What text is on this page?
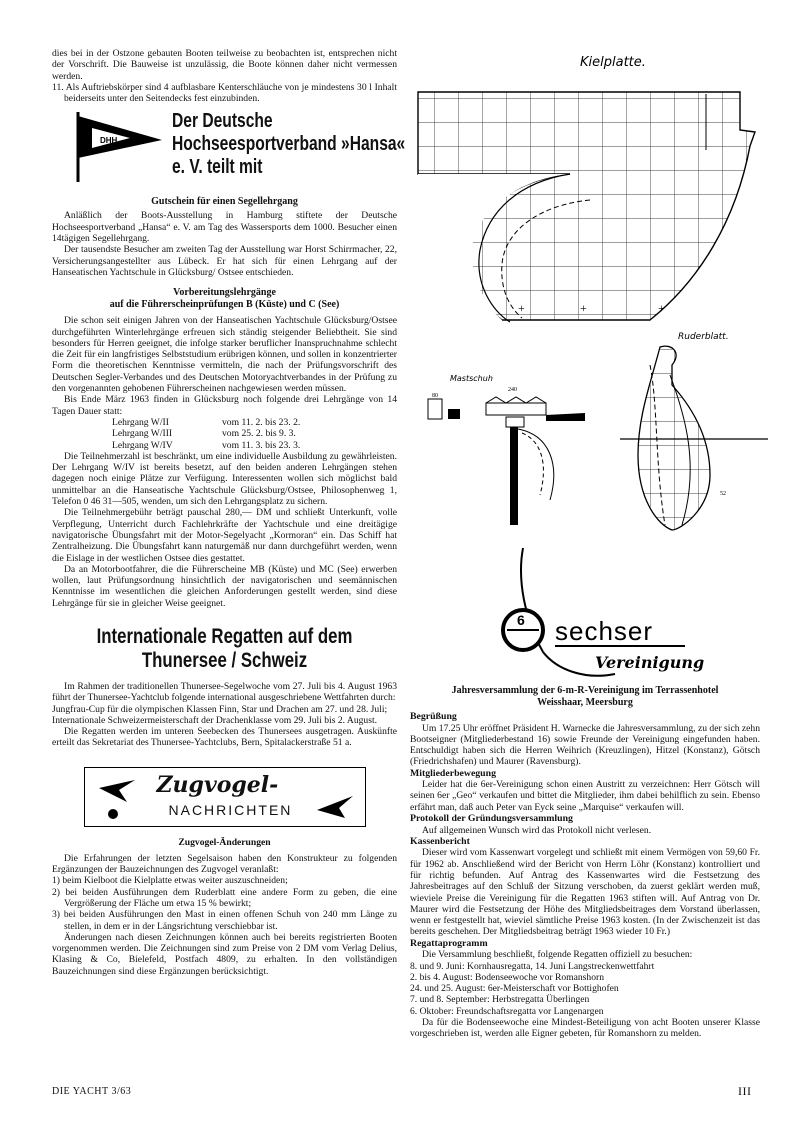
dies bei in der Ostzone gebauten Booten teilweise zu beobachten ist, entsprechen nicht der Vorschrift. Die Bauweise ist unzulässig, die Boote können daher nicht vermessen werden.

11. Als Auftriebskörper sind 4 aufblasbare Kenterschläuche von je mindestens 30 l Inhalt beiderseits unter den Seitendecks fest einzubinden.

DHH
Der Deutsche
Hochseesportverband »Hansa«
e. V. teilt mit

Gutschein für einen Segellehrgang

Anläßlich der Boots-Ausstellung in Hamburg stiftete der Deutsche Hochseesportverband „Hansa“ e. V. am Tag des Wassersports dem 1000. Besucher einen 14tägigen Segellehrgang.

Der tausendste Besucher am zweiten Tag der Ausstellung war Horst Schirrmacher, 22, Versicherungsangestellter aus Lübeck. Er hat sich für einen Lehrgang auf der Hanseatischen Yachtschule in Glücksburg/ Ostsee entschieden.

Vorbereitungslehrgänge

auf die Führerscheinprüfungen B (Küste) und C (See)

Die schon seit einigen Jahren von der Hanseatischen Yachtschule Glücksburg/Ostsee durchgeführten Winterlehrgänge erfreuen sich ständig steigender Beliebtheit. Sie sind besonders für Herren geeignet, die infolge starker beruflicher Inanspruchnahme schlecht die Zeit für ein langfristiges Selbststudium erübrigen können, und sollen in konzentrierter Form die theoretischen Kenntnisse vermitteln, die nach der Prüfungsvorschrift des Deutschen Segler-Verbandes und des Deutschen Motoryachtverbandes in der Prüfung zu den vorgenannten gehobenen Führerscheinen nachgewiesen werden müssen.

Bis Ende März 1963 finden in Glücksburg noch folgende drei Lehrgänge von 14 Tagen Dauer statt:

Lehrgang W/II	vom 11. 2. bis 23. 2.
Lehrgang W/III	vom 25. 2. bis 9. 3.
Lehrgang W/IV	vom 11. 3. bis 23. 3.

Die Teilnehmerzahl ist beschränkt, um eine individuelle Ausbildung zu gewährleisten. Der Lehrgang W/IV ist bereits besetzt, auf den beiden anderen Lehrgängen stehen dagegen noch einige Plätze zur Verfügung. Interessenten wollen sich möglichst bald unmittelbar an die Hanseatische Yachtschule Glücksburg/Ostsee, Philosophenweg 1, Telefon 0 46 31—505, wenden, um sich den Lehrgangsplatz zu sichern.

Die Teilnehmergebühr beträgt pauschal 280,— DM und schließt Unterkunft, volle Verpflegung, Unterricht durch Fachlehrkräfte der Yachtschule und eine dreitägige navigatorische Übungsfahrt mit der Motor-Segelyacht „Kormoran“ ein. Das Schiff hat Zentralheizung. Die Übungsfahrt kann naturgemäß nur dann durchgeführt werden, wenn die Eislage in der westlichen Ostsee dies gestattet.

Da an Motorbootfahrer, die die Führerscheine MB (Küste) und MC (See) erwerben wollen, laut Prüfungsordnung hinsichtlich der navigatorischen und seemännischen Kenntnisse im wesentlichen die gleichen Anforderungen gestellt werden, sind diese Lehrgänge für sie in gleicher Weise geeignet.

Internationale Regatten auf dem
Thunersee / Schweiz

Im Rahmen der traditionellen Thunersee-Segelwoche vom 27. Juli bis 4. August 1963 führt der Thunersee-Yachtclub folgende international ausgeschriebene Wettfahrten durch:

Jungfrau-Cup für die olympischen Klassen Finn, Star und Drachen am 27. und 28. Juli;

Internationale Schweizermeisterschaft der Drachenklasse vom 29. Juli bis 2. August.

Die Regatten werden im unteren Seebecken des Thunersees ausgetragen. Auskünfte erteilt das Sekretariat des Thunersee-Yachtclubs, Bern, Spitalackerstraße 51 a.

Zugvogel-
NACHRICHTEN

Zugvogel-Änderungen

Die Erfahrungen der letzten Segelsaison haben den Konstrukteur zu folgenden Ergänzungen der Bauzeichnungen des Zugvogel veranlaßt:

1) beim Kielboot die Kielplatte etwas weiter auszuschneiden;

2) bei beiden Ausführungen dem Ruderblatt eine andere Form zu geben, die eine Vergrößerung der Fläche um etwa 15 % bewirkt;

3) bei beiden Ausführungen den Mast in einen offenen Schuh von 240 mm Länge zu stellen, in dem er in der Längsrichtung verschiebbar ist.

Änderungen nach diesen Zeichnungen können auch bei bereits registrierten Booten vorgenommen werden. Die Zeichnungen sind zum Preise von 2 DM vom Verlag Delius, Klasing & Co, Bielefeld, Postfach 4809, zu erhalten. In den vollständigen Bauzeichnungen sind diese Ergänzungen berücksichtigt.

Kielplatte.
+	+	+
Ruderblatt.
Mastschuh
80
240
52
6 sechser
Vereinigung

Jahresversammlung der 6-m-R-Vereinigung im Terrassenhotel

Weisshaar, Meersburg

Begrüßung

Um 17.25 Uhr eröffnet Präsident H. Warnecke die Jahresversammlung, zu der sich zehn Bootseigner (Mitgliederbestand 16) sowie Freunde der Vereinigung eingefunden haben. Entschuldigt haben sich die Herren Weihrich (Kreuzlingen), Hitzel (Konstanz), Götsch (Friedrichshafen) und Maurer (Ravensburg).

Mitgliederbewegung

Leider hat die 6er-Vereinigung schon einen Austritt zu verzeichnen: Herr Götsch will seinen 6er „Geo“ verkaufen und bittet die Mitglieder, ihm dabei behilflich zu sein. Ebenso erfährt man, daß auch Peter van Eyck seine „Marquise“ verkaufen will.

Protokoll der Gründungsversammlung

Auf allgemeinen Wunsch wird das Protokoll nicht verlesen.

Kassenbericht

Dieser wird vom Kassenwart vorgelegt und schließt mit einem Vermögen von 59,60 Fr. für 1962 ab. Anschließend wird der Bericht von Herrn Löhr (Konstanz) kontrolliert und für richtig befunden. Auf Antrag des Kassenwartes wird die Festsetzung des Jahresbeitrages auf den Schluß der Sitzung verschoben, da zuerst geklärt werden muß, wieviele Preise die Vereinigung für die Regatten 1963 stiften will. Auf Antrag von Dr. Maurer wird die Festsetzung der Höhe des Mitgliedsbeitrages dem Vorstand überlassen, wenn er festgestellt hat, wieviel sämtliche Preise 1963 kosten. (In der Zwischenzeit ist das bereits geschehen. Der Mitgliedsbeitrag beträgt 1963 wieder 10 Fr.)

Regattaprogramm

Die Versammlung beschließt, folgende Regatten offiziell zu besuchen:

8. und 9. Juni: Kornhausregatta, 14. Juni Langstreckenwettfahrt

2. bis 4. August: Bodenseewoche vor Romanshorn

24. und 25. August: 6er-Meisterschaft vor Bottighofen

7. und 8. September: Herbstregatta Überlingen

6. Oktober: Freundschaftsregatta vor Langenargen

Da für die Bodenseewoche eine Mindest-Beteiligung von acht Booten unserer Klasse vorgeschrieben ist, werden alle Eigner gebeten, für Romanshorn zu melden.

DIE YACHT 3/63	III
